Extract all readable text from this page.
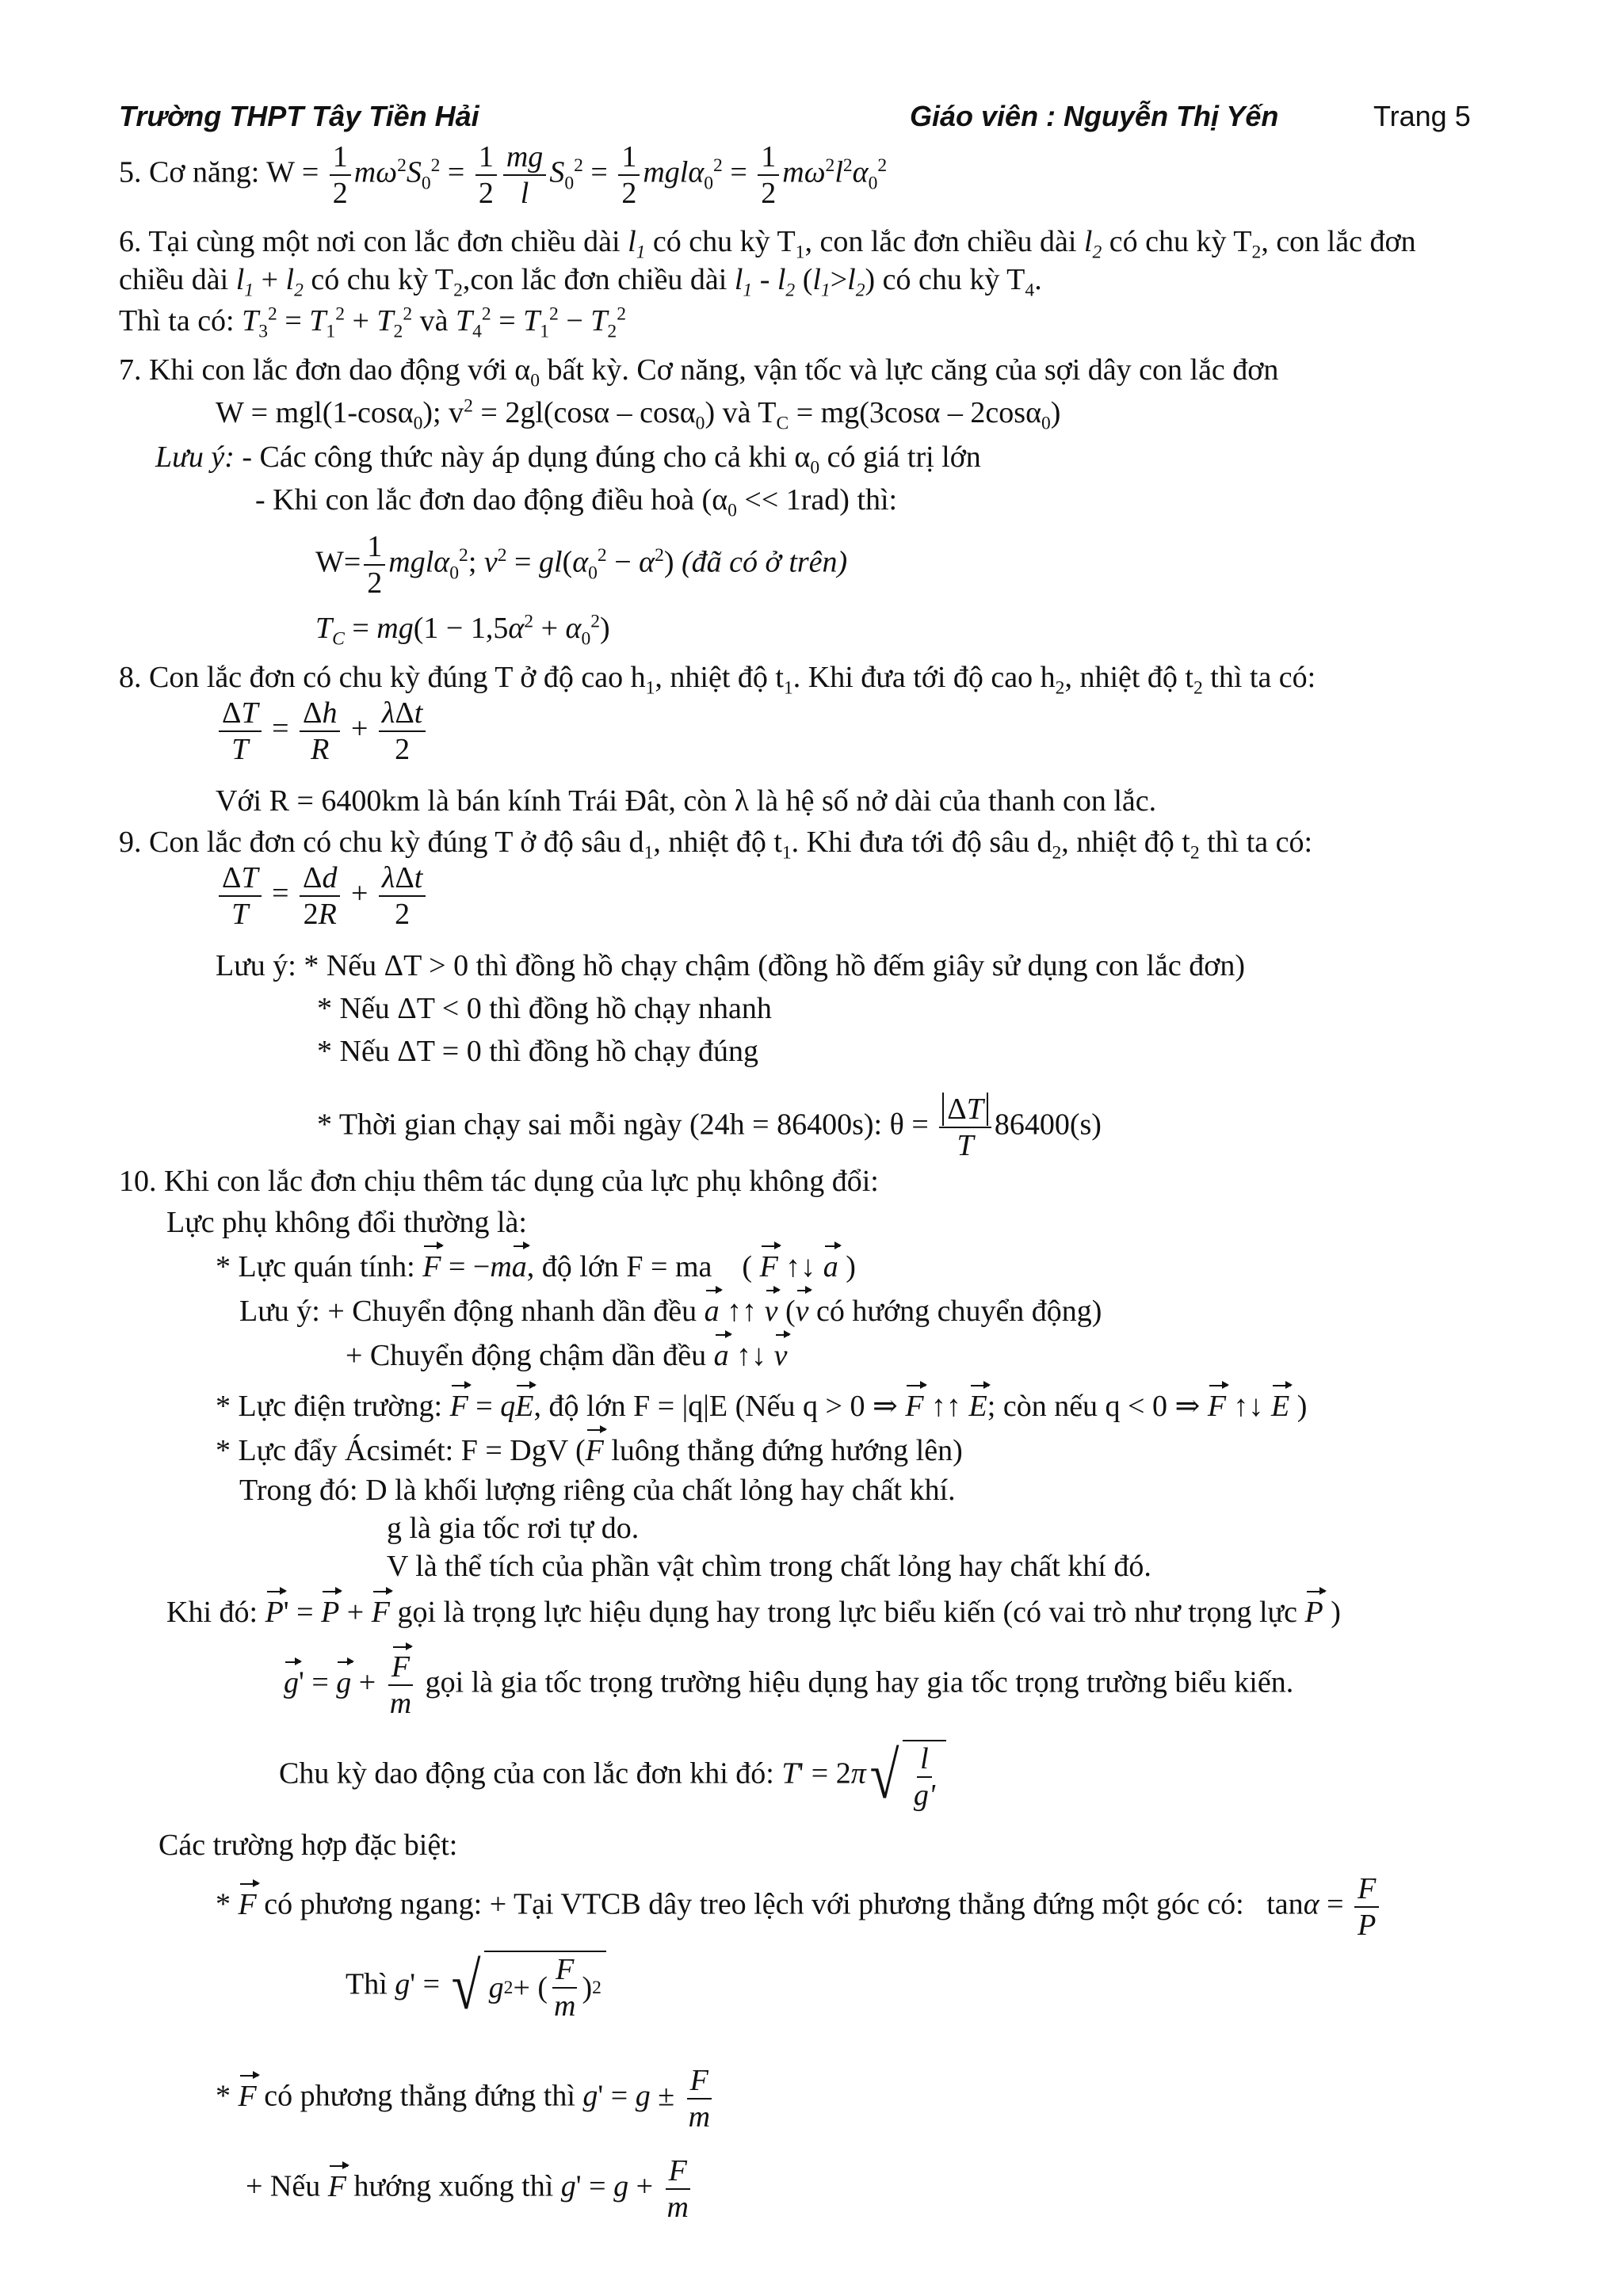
Trường THPT Tây Tiền Hải	Giáo viên : Nguyễn Thị Yến	Trang 5
5. Cơ năng: $W = \frac{1}{2} m\omega^2S_0^2 = \frac{1}{2} \frac{mg}{l} S_0^2 = \frac{1}{2} mgl\alpha_0^2 = \frac{1}{2} m\omega^2l^2\alpha_0^2$
6. Tại cùng một nơi con lắc đơn chiều dài $l_1$ có chu kỳ $T_1$, con lắc đơn chiều dài $l_2$ có chu kỳ $T_2$, con lắc đơn
chiều dài $l_1 + l_2$ có chu kỳ $T_2,con$ lắc đơn chiều dài $l_1 - l_2$ $(l_1>l_2)$ có chu kỳ $T_4$.
Thì ta có: $T_3^2 = T_1^2 + T_2^2$ và $T_4^2 = T_1^2 - T_2^2$
7. Khi con lắc đơn dao động với $\alpha_0$ bất kỳ. Cơ năng, vận tốc và lực căng của sợi dây con lắc đơn
W = mgl(1-cosα$_0$); $v^2 = 2gl(\cos\alpha - \cos\alpha_0)$ và $T_C = mg(3\cos\alpha - 2\cos\alpha_0)$
Lưu ý: - Các công thức này áp dụng đúng cho cả khi $\alpha_0$ có giá trị lớn
- Khi con lắc đơn dao động điều hoà $(\alpha_0 << 1rad)$ thì:
$W= \frac{1}{2} mgl\alpha_0^2$; $v^2 = gl(\alpha_0^2 - \alpha^2)$ (đã có ở trên)
$T_C = mg(1 - 1,5\alpha^2 + \alpha_0^2)$
8. Con lắc đơn có chu kỳ đúng T ở độ cao $h_1$, nhiệt độ $t_1$. Khi đưa tới độ cao $h_2$, nhiệt độ $t_2$ thì ta có:
$\frac{\Delta T}{T} = \frac{\Delta h}{R} + \frac{\text{λΔt}}{2}$
Với R = 6400km là bán kính Trái Đât, còn λ là hệ số nở dài của thanh con lắc.
9. Con lắc đơn có chu kỳ đúng T ở độ sâu $d_1$, nhiệt độ $t_1$. Khi đưa tới độ sâu $d_2$, nhiệt độ $t_2$ thì ta có:
$\frac{\Delta T}{T} = \frac{\Delta d}{2R} + \frac{\text{λΔt}}{2}$
Lưu ý: * Nếu ΔT > 0 thì đồng hồ chạy chậm (đồng hồ đếm giây sử dụng con lắc đơn)
* Nếu ΔT < 0 thì đồng hồ chạy nhanh
* Nếu ΔT = 0 thì đồng hồ chạy đúng
* Thời gian chạy sai mỗi ngày (24h = 86400s): $\theta = \frac{\Delta T}{T} 86400(s)$
10. Khi con lắc đơn chịu thêm tác dụng của lực phụ không đổi:
Lực phụ không đổi thường là:
* Lực quán tính: F = −ma, độ lớn F = ma    ( F ↑↓ a )
Lưu ý: + Chuyển động nhanh dần đều a ↑↑ v (v có hướng chuyển động)
+ Chuyển động chậm dần đều a ↑↓ v
* Lực điện trường: F = qE, độ lớn F = |q|E (Nếu q > 0 ⇒ F ↑↑ E; còn nếu q < 0 ⇒ F ↑↓ E )
* Lực đẩy Ácsimét: F = DgV (F luông thẳng đứng hướng lên)
Trong đó: D là khối lượng riêng của chất lỏng hay chất khí.
g là gia tốc rơi tự do.
V là thể tích của phần vật chìm trong chất lỏng hay chất khí đó.
Khi đó: P' = P + F gọi là trọng lực hiệu dụng hay trong lực biểu kiến (có vai trò như trọng lực P )
$g' = g + \frac{F}{m}$ gọi là gia tốc trọng trường hiệu dụng hay gia tốc trọng trường biểu kiến.
Chu kỳ dao động của con lắc đơn khi đó: T' = 2π √ $\frac{l}{g'}$
Các trường hợp đặc biệt:
* F có phương ngang: + Tại VTCB dây treo lệch với phương thẳng đứng một góc có:   $\tan\alpha = \frac{F}{P}$
Thì g' = √ g 2 + ( $\frac{F}{m}$ ) 2
* F có phương thẳng đứng thì $g' = g \pm \frac{F}{m}$
+ Nếu F hướng xuống thì $g' = g + \frac{F}{m}$
